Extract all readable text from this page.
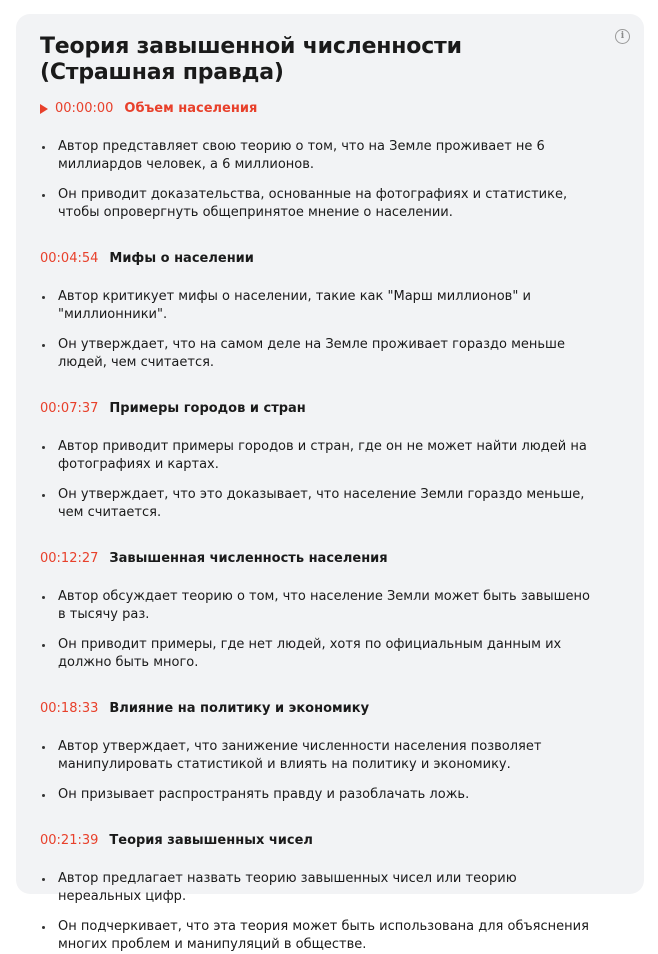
i
Теория завышенной численности (Страшная правда)
00:00:00 Объем населения
Автор представляет свою теорию о том, что на Земле проживает не 6 миллиардов человек, а 6 миллионов.
Он приводит доказательства, основанные на фотографиях и статистике, чтобы опровергнуть общепринятое мнение о населении.
00:04:54 Мифы о населении
Автор критикует мифы о населении, такие как "Марш миллионов" и "миллионники".
Он утверждает, что на самом деле на Земле проживает гораздо меньше людей, чем считается.
00:07:37 Примеры городов и стран
Автор приводит примеры городов и стран, где он не может найти людей на фотографиях и картах.
Он утверждает, что это доказывает, что население Земли гораздо меньше, чем считается.
00:12:27 Завышенная численность населения
Автор обсуждает теорию о том, что население Земли может быть завышено в тысячу раз.
Он приводит примеры, где нет людей, хотя по официальным данным их должно быть много.
00:18:33 Влияние на политику и экономику
Автор утверждает, что занижение численности населения позволяет манипулировать статистикой и влиять на политику и экономику.
Он призывает распространять правду и разоблачать ложь.
00:21:39 Теория завышенных чисел
Автор предлагает назвать теорию завышенных чисел или теорию нереальных цифр.
Он подчеркивает, что эта теория может быть использована для объяснения многих проблем и манипуляций в обществе.
